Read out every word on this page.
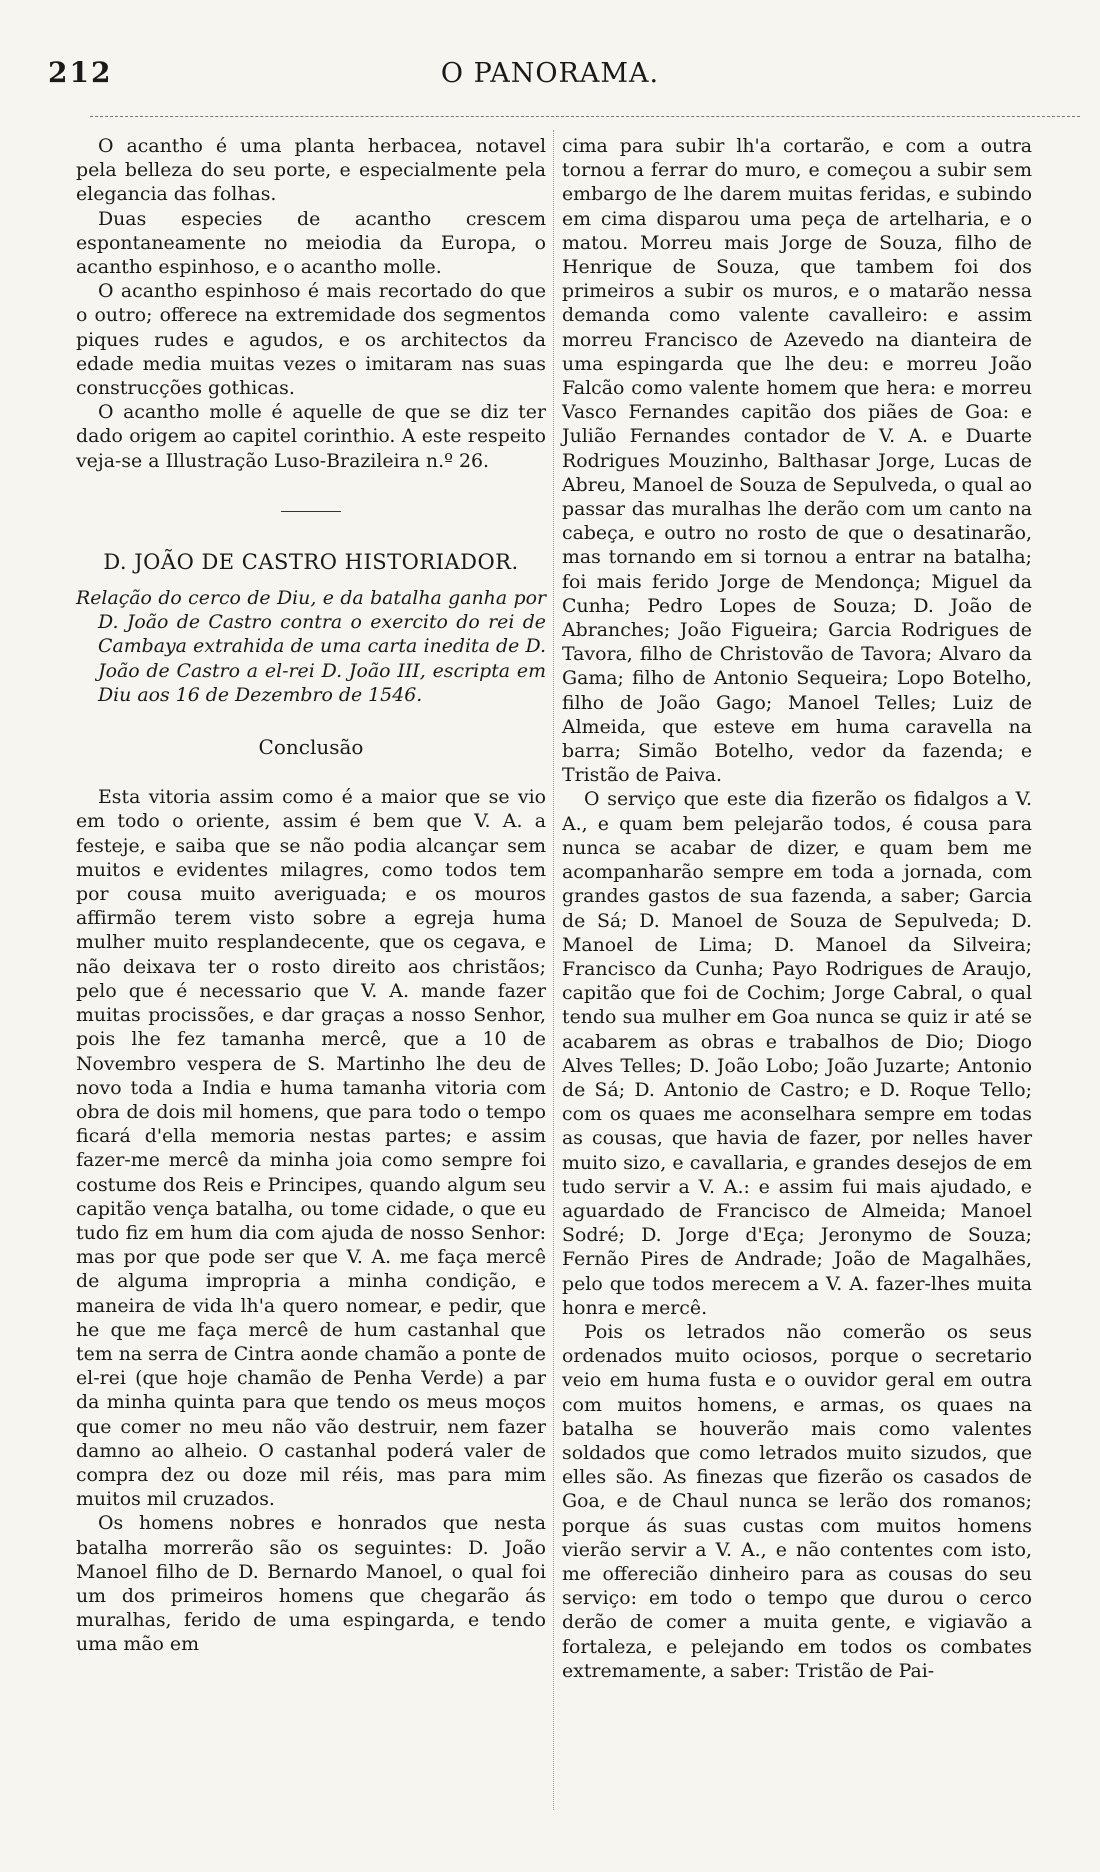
212	O PANORAMA.

O acantho é uma planta herbacea, notavel pela belleza do seu porte, e especialmente pela elegancia das folhas.

Duas especies de acantho crescem espontaneamente no meiodia da Europa, o acantho espinhoso, e o acantho molle.

O acantho espinhoso é mais recortado do que o outro; offerece na extremidade dos segmentos piques rudes e agudos, e os architectos da edade media muitas vezes o imitaram nas suas construcções gothicas.

O acantho molle é aquelle de que se diz ter dado origem ao capitel corinthio. A este respeito veja-se a Illustração Luso-Brazileira n.º 26.

D. JOÃO DE CASTRO HISTORIADOR.
Relação do cerco de Diu, e da batalha ganha por D. João de Castro contra o exercito do rei de Cambaya extrahida de uma carta inedita de D. João de Castro a el-rei D. João III, escripta em Diu aos 16 de Dezembro de 1546.
Conclusão

Esta vitoria assim como é a maior que se vio em todo o oriente, assim é bem que V. A. a festeje, e saiba que se não podia alcançar sem muitos e evidentes milagres, como todos tem por cousa muito averiguada; e os mouros affirmão terem visto sobre a egreja huma mulher muito resplandecente, que os cegava, e não deixava ter o rosto direito aos christãos; pelo que é necessario que V. A. mande fazer muitas procissões, e dar graças a nosso Senhor, pois lhe fez tamanha mercê, que a 10 de Novembro vespera de S. Martinho lhe deu de novo toda a India e huma tamanha vitoria com obra de dois mil homens, que para todo o tempo ficará d'ella memoria nestas partes; e assim fazer-me mercê da minha joia como sempre foi costume dos Reis e Principes, quando algum seu capitão vença batalha, ou tome cidade, o que eu tudo fiz em hum dia com ajuda de nosso Senhor: mas por que pode ser que V. A. me faça mercê de alguma impropria a minha condição, e maneira de vida lh'a quero nomear, e pedir, que he que me faça mercê de hum castanhal que tem na serra de Cintra aonde chamão a ponte de el-rei (que hoje chamão de Penha Verde) a par da minha quinta para que tendo os meus moços que comer no meu não vão destruir, nem fazer damno ao alheio. O castanhal poderá valer de compra dez ou doze mil réis, mas para mim muitos mil cruzados.

Os homens nobres e honrados que nesta batalha morrerão são os seguintes: D. João Manoel filho de D. Bernardo Manoel, o qual foi um dos primeiros homens que chegarão ás muralhas, ferido de uma espingarda, e tendo uma mão em

cima para subir lh'a cortarão, e com a outra tornou a ferrar do muro, e começou a subir sem embargo de lhe darem muitas feridas, e subindo em cima disparou uma peça de artelharia, e o matou. Morreu mais Jorge de Souza, filho de Henrique de Souza, que tambem foi dos primeiros a subir os muros, e o matarão nessa demanda como valente cavalleiro: e assim morreu Francisco de Azevedo na dianteira de uma espingarda que lhe deu: e morreu João Falcão como valente homem que hera: e morreu Vasco Fernandes capitão dos piães de Goa: e Julião Fernandes contador de V. A. e Duarte Rodrigues Mouzinho, Balthasar Jorge, Lucas de Abreu, Manoel de Souza de Sepulveda, o qual ao passar das muralhas lhe derão com um canto na cabeça, e outro no rosto de que o desatinarão, mas tornando em si tornou a entrar na batalha; foi mais ferido Jorge de Mendonça; Miguel da Cunha; Pedro Lopes de Souza; D. João de Abranches; João Figueira; Garcia Rodrigues de Tavora, filho de Christovão de Tavora; Alvaro da Gama; filho de Antonio Sequeira; Lopo Botelho, filho de João Gago; Manoel Telles; Luiz de Almeida, que esteve em huma caravella na barra; Simão Botelho, vedor da fazenda; e Tristão de Paiva.

O serviço que este dia fizerão os fidalgos a V. A., e quam bem pelejarão todos, é cousa para nunca se acabar de dizer, e quam bem me acompanharão sempre em toda a jornada, com grandes gastos de sua fazenda, a saber; Garcia de Sá; D. Manoel de Souza de Sepulveda; D. Manoel de Lima; D. Manoel da Silveira; Francisco da Cunha; Payo Rodrigues de Araujo, capitão que foi de Cochim; Jorge Cabral, o qual tendo sua mulher em Goa nunca se quiz ir até se acabarem as obras e trabalhos de Dio; Diogo Alves Telles; D. João Lobo; João Juzarte; Antonio de Sá; D. Antonio de Castro; e D. Roque Tello; com os quaes me aconselhara sempre em todas as cousas, que havia de fazer, por nelles haver muito sizo, e cavallaria, e grandes desejos de em tudo servir a V. A.: e assim fui mais ajudado, e aguardado de Francisco de Almeida; Manoel Sodré; D. Jorge d'Eça; Jeronymo de Souza; Fernão Pires de Andrade; João de Magalhães, pelo que todos merecem a V. A. fazer-lhes muita honra e mercê.

Pois os letrados não comerão os seus ordenados muito ociosos, porque o secretario veio em huma fusta e o ouvidor geral em outra com muitos homens, e armas, os quaes na batalha se houverão mais como valentes soldados que como letrados muito sizudos, que elles são. As finezas que fizerão os casados de Goa, e de Chaul nunca se lerão dos romanos; porque ás suas custas com muitos homens vierão servir a V. A., e não contentes com isto, me offerecião dinheiro para as cousas do seu serviço: em todo o tempo que durou o cerco derão de comer a muita gente, e vigiavão a fortaleza, e pelejando em todos os combates extremamente, a saber: Tristão de Pai-
